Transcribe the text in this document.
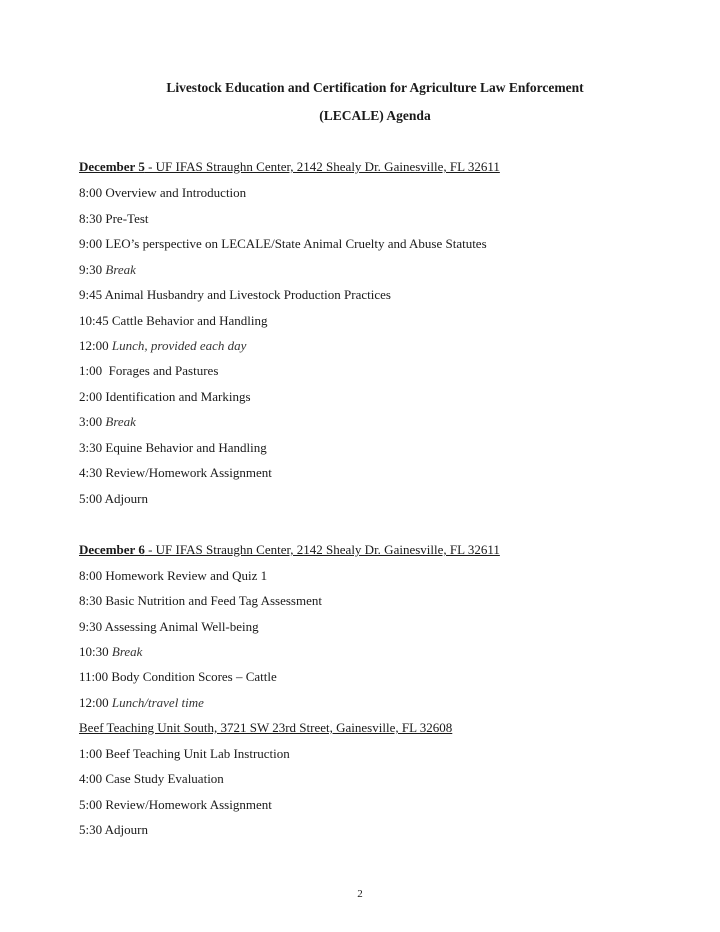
Livestock Education and Certification for Agriculture Law Enforcement
(LECALE) Agenda
December 5 - UF IFAS Straughn Center, 2142 Shealy Dr. Gainesville, FL 32611
8:00 Overview and Introduction
8:30 Pre-Test
9:00 LEO’s perspective on LECALE/State Animal Cruelty and Abuse Statutes
9:30 Break
9:45 Animal Husbandry and Livestock Production Practices
10:45 Cattle Behavior and Handling
12:00 Lunch, provided each day
1:00  Forages and Pastures
2:00 Identification and Markings
3:00 Break
3:30 Equine Behavior and Handling
4:30 Review/Homework Assignment
5:00 Adjourn
December 6 - UF IFAS Straughn Center, 2142 Shealy Dr. Gainesville, FL 32611
8:00 Homework Review and Quiz 1
8:30 Basic Nutrition and Feed Tag Assessment
9:30 Assessing Animal Well-being
10:30 Break
11:00 Body Condition Scores – Cattle
12:00 Lunch/travel time
Beef Teaching Unit South, 3721 SW 23rd Street, Gainesville, FL 32608
1:00 Beef Teaching Unit Lab Instruction
4:00 Case Study Evaluation
5:00 Review/Homework Assignment
5:30 Adjourn
2
